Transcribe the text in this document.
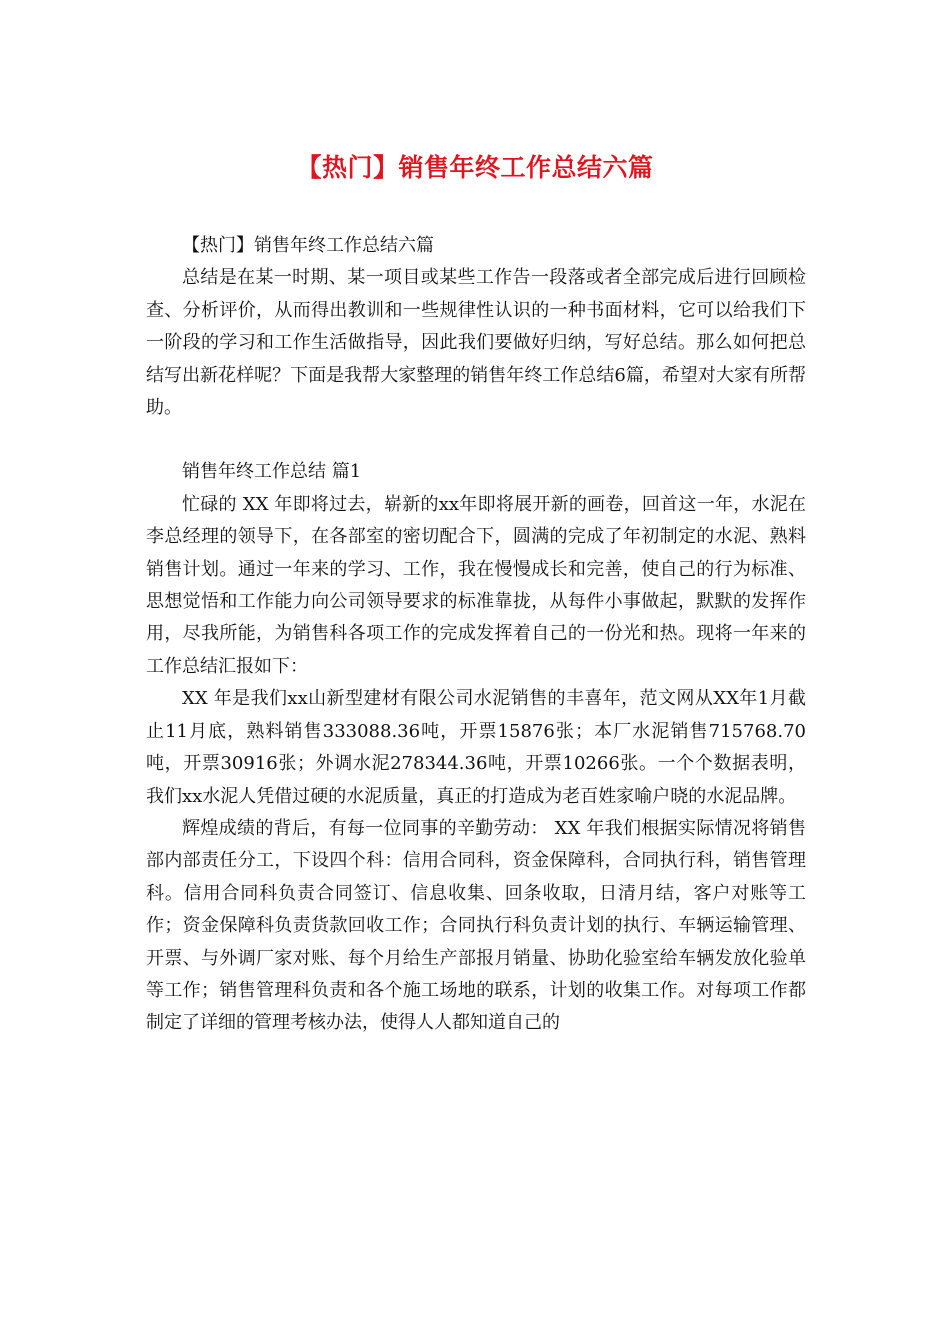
【热门】销售年终工作总结六篇

【热门】销售年终工作总结六篇

总结是在某一时期、某一项目或某些工作告一段落或者全部完成后进行回顾检查、分析评价，从而得出教训和一些规律性认识的一种书面材料，它可以给我们下一阶段的学习和工作生活做指导，因此我们要做好归纳，写好总结。那么如何把总结写出新花样呢？下面是我帮大家整理的销售年终工作总结6篇，希望对大家有所帮助。

销售年终工作总结 篇1

忙碌的 XX 年即将过去，崭新的xx年即将展开新的画卷，回首这一年，水泥在李总经理的领导下，在各部室的密切配合下，圆满的完成了年初制定的水泥、熟料销售计划。通过一年来的学习、工作，我在慢慢成长和完善，使自己的行为标准、思想觉悟和工作能力向公司领导要求的标准靠拢，从每件小事做起，默默的发挥作用，尽我所能，为销售科各项工作的完成发挥着自己的一份光和热。现将一年来的工作总结汇报如下：

XX 年是我们xx山新型建材有限公司水泥销售的丰喜年，范文网从XX年1月截止11月底，熟料销售333088.36吨，开票15876张；本厂水泥销售715768.70吨，开票30916张；外调水泥278344.36吨，开票10266张。一个个数据表明，我们xx水泥人凭借过硬的水泥质量，真正的打造成为老百姓家喻户晓的水泥品牌。

辉煌成绩的背后，有每一位同事的辛勤劳动： XX 年我们根据实际情况将销售部内部责任分工，下设四个科：信用合同科，资金保障科，合同执行科，销售管理科。信用合同科负责合同签订、信息收集、回条收取，日清月结，客户对账等工作；资金保障科负责货款回收工作；合同执行科负责计划的执行、车辆运输管理、开票、与外调厂家对账、每个月给生产部报月销量、协助化验室给车辆发放化验单等工作；销售管理科负责和各个施工场地的联系，计划的收集工作。对每项工作都制定了详细的管理考核办法，使得人人都知道自己的
